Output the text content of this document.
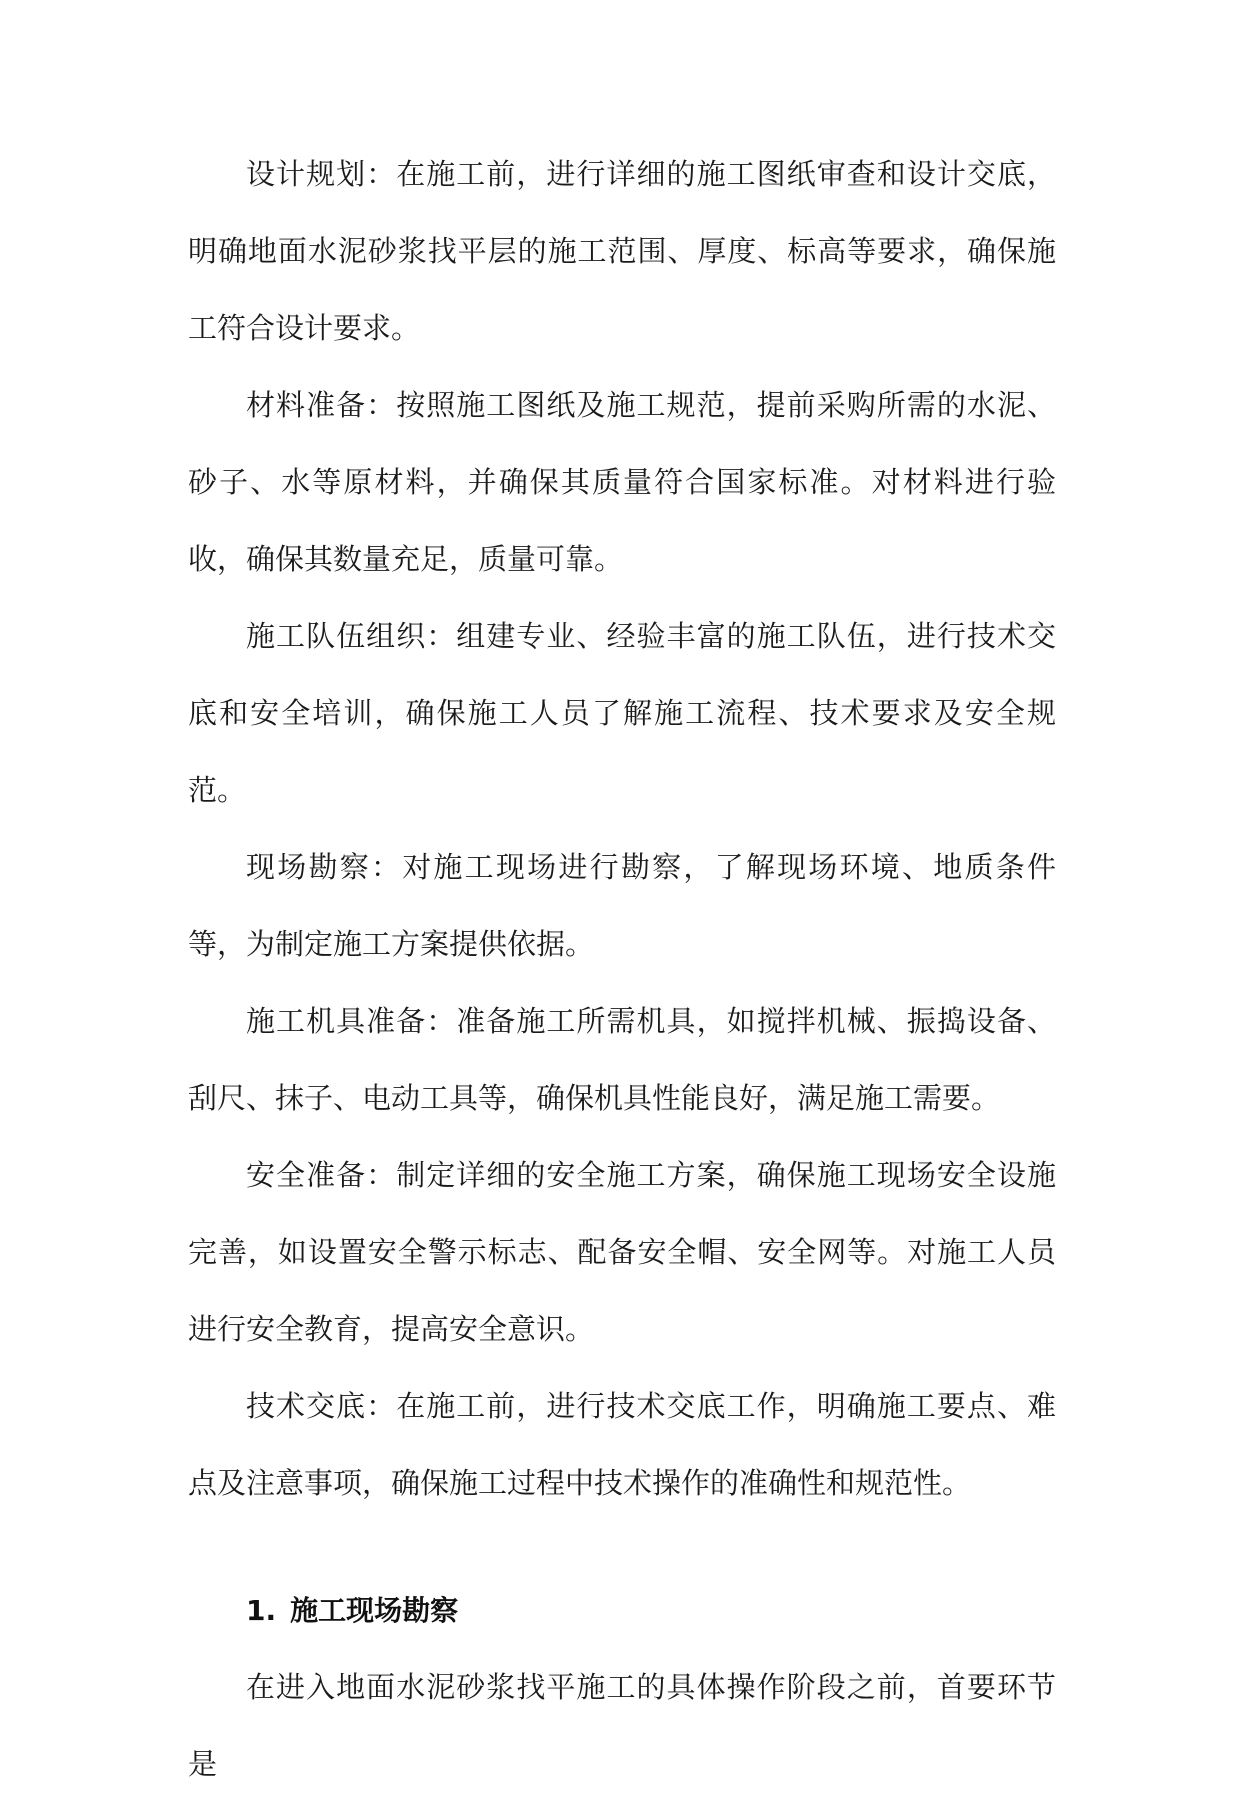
设计规划：在施工前，进行详细的施工图纸审查和设计交底，明确地面水泥砂浆找平层的施工范围、厚度、标高等要求，确保施工符合设计要求。

材料准备：按照施工图纸及施工规范，提前采购所需的水泥、砂子、水等原材料，并确保其质量符合国家标准。对材料进行验收，确保其数量充足，质量可靠。

施工队伍组织：组建专业、经验丰富的施工队伍，进行技术交底和安全培训，确保施工人员了解施工流程、技术要求及安全规范。

现场勘察：对施工现场进行勘察，了解现场环境、地质条件等，为制定施工方案提供依据。

施工机具准备：准备施工所需机具，如搅拌机械、振捣设备、刮尺、抹子、电动工具等，确保机具性能良好，满足施工需要。

安全准备：制定详细的安全施工方案，确保施工现场安全设施完善，如设置安全警示标志、配备安全帽、安全网等。对施工人员进行安全教育，提高安全意识。

技术交底：在施工前，进行技术交底工作，明确施工要点、难点及注意事项，确保施工过程中技术操作的准确性和规范性。

1. 施工现场勘察

在进入地面水泥砂浆找平施工的具体操作阶段之前，首要环节是
